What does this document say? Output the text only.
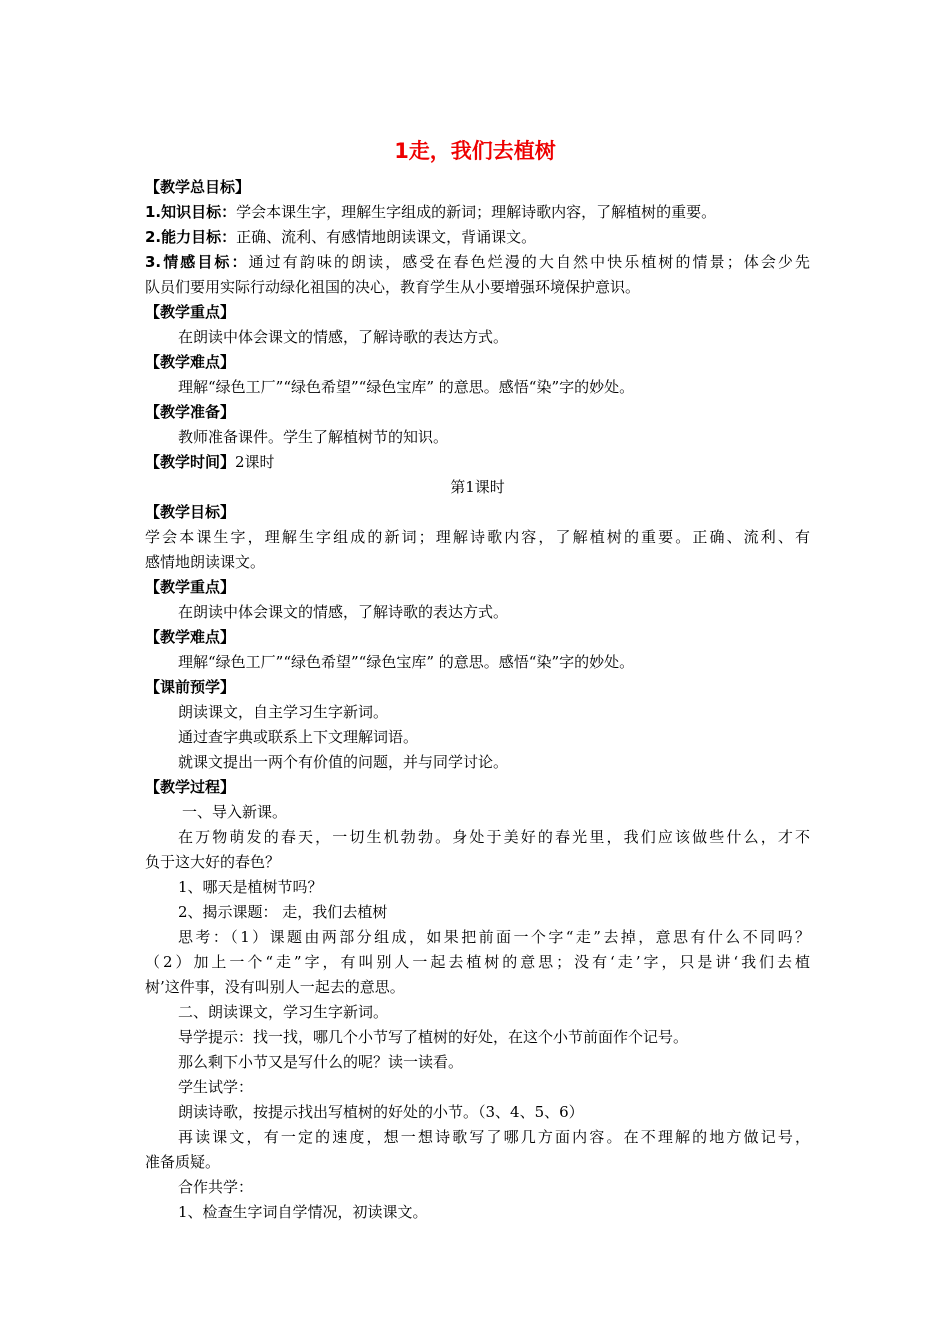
1走，我们去植树
【教学总目标】
1.知识目标：学会本课生字，理解生字组成的新词；理解诗歌内容，了解植树的重要。
2.能力目标：正确、流利、有感情地朗读课文，背诵课文。
3.情感目标：通过有韵味的朗读，感受在春色烂漫的大自然中快乐植树的情景；体会少先
队员们要用实际行动绿化祖国的决心，教育学生从小要增强环境保护意识。
【教学重点】
在朗读中体会课文的情感，了解诗歌的表达方式。
【教学难点】
理解“绿色工厂”“绿色希望”“绿色宝库” 的意思。感悟“染”字的妙处。
【教学准备】
教师准备课件。学生了解植树节的知识。
【教学时间】2课时
第1课时
【教学目标】
学会本课生字，理解生字组成的新词；理解诗歌内容，了解植树的重要。正确、流利、有
感情地朗读课文。
【教学重点】
在朗读中体会课文的情感，了解诗歌的表达方式。
【教学难点】
理解“绿色工厂”“绿色希望”“绿色宝库” 的意思。感悟“染”字的妙处。
【课前预学】
朗读课文，自主学习生字新词。
通过查字典或联系上下文理解词语。
就课文提出一两个有价值的问题，并与同学讨论。
【教学过程】
一、导入新课。
在万物萌发的春天，一切生机勃勃。身处于美好的春光里，我们应该做些什么，才不
负于这大好的春色？
1、哪天是植树节吗？
2、揭示课题： 走，我们去植树
思考：（1）课题由两部分组成，如果把前面一个字“走”去掉，意思有什么不同吗？
（2）加上一个“走”字，有叫别人一起去植树的意思；没有‘走’字，只是讲‘我们去植
树’这件事，没有叫别人一起去的意思。
二、朗读课文，学习生字新词。
导学提示：找一找，哪几个小节写了植树的好处，在这个小节前面作个记号。
那么剩下小节又是写什么的呢？读一读看。
学生试学：
朗读诗歌，按提示找出写植树的好处的小节。（3、4、5、6）
再读课文，有一定的速度，想一想诗歌写了哪几方面内容。在不理解的地方做记号，
准备质疑。
合作共学：
1、检查生字词自学情况，初读课文。
